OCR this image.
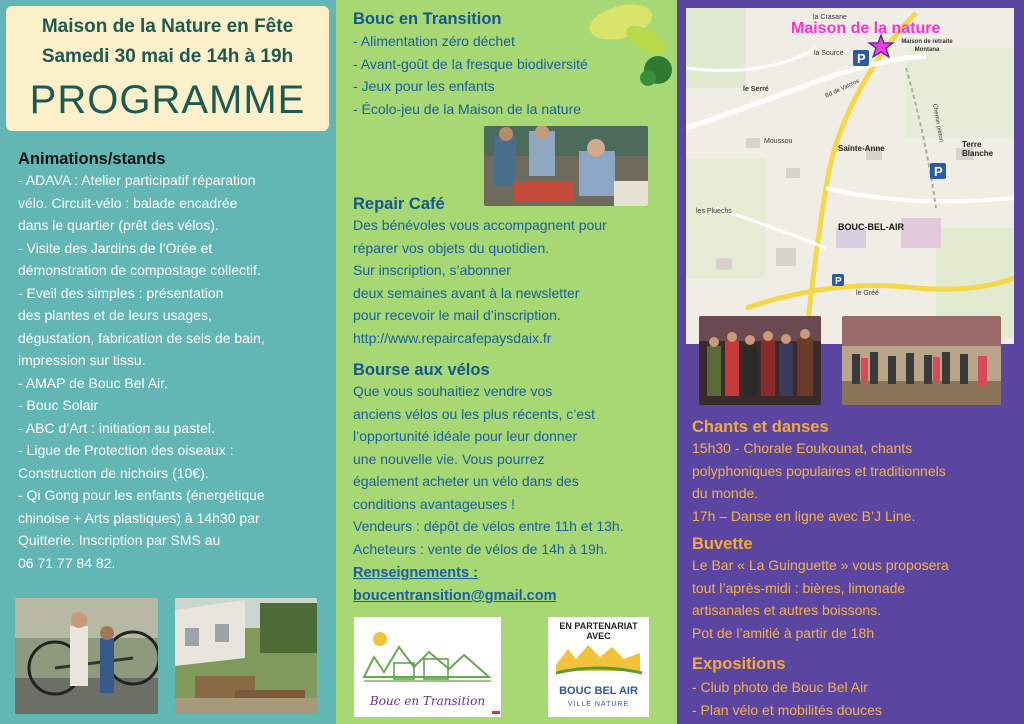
Maison de la Nature en Fête
Samedi 30 mai de 14h à 19h
PROGRAMME
Animations/stands
- ADAVA : Atelier participatif réparation
vélo. Circuit-vélo : balade encadrée
dans le quartier (prêt des vélos).
- Visite des Jardins de l’Orée et
démonstration de compostage collectif.
- Eveil des simples : présentation
des plantes et de leurs usages,
dégustation, fabrication de sels de bain,
impression sur tissu.
- AMAP de Bouc Bel Air.
- Bouc Solair
- ABC d’Art : initiation au pastel.
- Ligue de Protection des oiseaux :
Construction de nichoirs (10€).
- Qi Gong pour les enfants (énergétique
chinoise + Arts plastiques) à 14h30 par
Quitterie. Inscription par SMS au
06 71 77 84 82.
Bouc en Transition
- Alimentation zéro déchet
- Avant-goût de la fresque biodiversité
- Jeux pour les enfants
- Écolo-jeu de la Maison de la nature
Repair Café
Des bénévoles vous accompagnent pour
réparer vos objets du quotidien.
Sur inscription, s’abonner
deux semaines avant à la newsletter
pour recevoir le mail d’inscription.
http://www.repaircafepaysdaix.fr
Bourse aux vélos
Que vous souhaitiez vendre vos
anciens vélos ou les plus récents, c’est
l’opportunité idéale pour leur donner
une nouvelle vie. Vous pourrez
également acheter un vélo dans des
conditions avantageuses !
Vendeurs : dépôt de vélos entre 11h et 13h.
Acheteurs : vente de vélos de 14h à 19h.
Renseignements :
boucentransition@gmail.com
Bouc en Transition
EN PARTENARIAT AVEC
BOUC BEL AIR
VILLE NATURE
P
P
P
Maison de la nature
la Crasane
la Source
Maison de retraite Montana
le Serré	Bd de Valcros
Chemin piéton
Moussou
Sainte-Anne	Terre Blanche
BOUC-BEL-AIR
les Pluechs
le Gréé
Chants et danses
15h30 - Chorale Eoukounat, chants
polyphoniques populaires et traditionnels
du monde.
17h – Danse en ligne avec B’J Line.
Buvette
Le Bar « La Guinguette » vous proposera
tout l’après-midi : bières, limonade
artisanales et autres boissons.
Pot de l’amitié à partir de 18h
Expositions
- Club photo de Bouc Bel Air
- Plan vélo et mobilités douces
